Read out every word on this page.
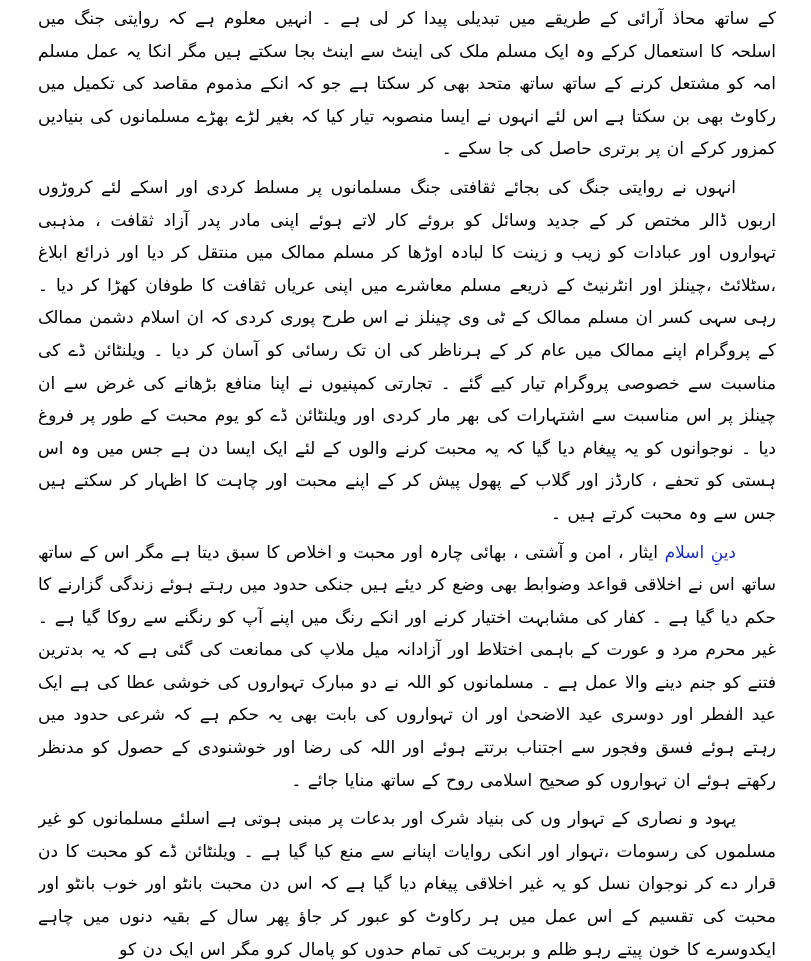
کے ساتھ محاذ آرائی کے طریقے میں تبدیلی پیدا کر لی ہے ۔ انہیں معلوم ہے کہ روایتی جنگ میں اسلحہ کا استعمال کرکے وہ ایک مسلم ملک کی اینٹ سے اینٹ بجا سکتے ہیں مگر انکا یہ عمل مسلم امہ کو مشتعل کرنے کے ساتھ ساتھ متحد بھی کر سکتا ہے جو کہ انکے مذموم مقاصد کی تکمیل میں رکاوٹ بھی بن سکتا ہے اس لئے انہوں نے ایسا منصوبہ تیار کیا کہ بغیر لڑے بھڑے مسلمانوں کی بنیادیں کمزور کرکے ان پر برتری حاصل کی جا سکے ۔

انہوں نے روایتی جنگ کی بجائے ثقافتی جنگ مسلمانوں پر مسلط کردی اور اسکے لئے کروڑوں اربوں ڈالر مختص کر کے جدید وسائل کو بروئے کار لاتے ہوئے اپنی مادر پدر آزاد ثقافت ، مذہبی تہواروں اور عبادات کو زیب و زینت کا لبادہ اوڑھا کر مسلم ممالک میں منتقل کر دیا اور ذرائع ابلاغ ،سٹلائٹ ،چینلز اور انٹرنیٹ کے ذریعے مسلم معاشرے میں اپنی عریاں ثقافت کا طوفان کھڑا کر دیا ۔ رہی سہی کسر ان مسلم ممالک کے ٹی وی چینلز نے اس طرح پوری کردی کہ ان اسلام دشمن ممالک کے پروگرام اپنے ممالک میں عام کر کے ہرناظر کی ان تک رسائی کو آسان کر دیا ۔ ویلنٹائن ڈے کی مناسبت سے خصوصی پروگرام تیار کیے گئے ۔ تجارتی کمپنیوں نے اپنا منافع بڑھانے کی غرض سے ان چینلز پر اس مناسبت سے اشتہارات کی بھر مار کردی اور ویلنٹائن ڈے کو یوم محبت کے طور پر فروغ دیا ۔ نوجوانوں کو یہ پیغام دیا گیا کہ یہ محبت کرنے والوں کے لئے ایک ایسا دن ہے جس میں وہ اس ہستی کو تحفے ، کارڈز اور گلاب کے پھول پیش کر کے اپنے محبت اور چاہت کا اظہار کر سکتے ہیں جس سے وہ محبت کرتے ہیں ۔

دینِ اسلام ایثار ، امن و آشتی ، بھائی چارہ اور محبت و اخلاص کا سبق دیتا ہے مگر اس کے ساتھ ساتھ اس نے اخلاقی قواعد وضوابط بھی وضع کر دیئے ہیں جنکی حدود میں رہتے ہوئے زندگی گزارنے کا حکم دیا گیا ہے ۔ کفار کی مشابہت اختیار کرنے اور انکے رنگ میں اپنے آپ کو رنگنے سے روکا گیا ہے ۔ غیر محرم مرد و عورت کے باہمی اختلاط اور آزادانہ میل ملاپ کی ممانعت کی گئی ہے کہ یہ بدترین فتنے کو جنم دینے والا عمل ہے ۔ مسلمانوں کو اللہ نے دو مبارک تہواروں کی خوشی عطا کی ہے ایک عید الفطر اور دوسری عید الاضحیٰ اور ان تہواروں کی بابت بھی یہ حکم ہے کہ شرعی حدود میں رہتے ہوئے فسق وفجور سے اجتناب برتتے ہوئے اور اللہ کی رضا اور خوشنودی کے حصول کو مدنظر رکھتے ہوئے ان تہواروں کو صحیح اسلامی روح کے ساتھ منایا جائے ۔

یہود و نصاری کے تہوار وں کی بنیاد شرک اور بدعات پر مبنی ہوتی ہے اسلئے مسلمانوں کو غیر مسلموں کی رسومات ،تہوار اور انکی روایات اپنانے سے منع کیا گیا ہے ۔ ویلنٹائن ڈے کو محبت کا دن قرار دے کر نوجوان نسل کو یہ غیر اخلاقی پیغام دیا گیا ہے کہ اس دن محبت بانٹو اور خوب بانٹو اور محبت کی تقسیم کے اس عمل میں ہر رکاوٹ کو عبور کر جاؤ پھر سال کے بقیہ دنوں میں چاہے ایکدوسرے کا خون پیتے رہو ظلم و بربریت کی تمام حدوں کو پامال کرو مگر اس ایک دن کو
